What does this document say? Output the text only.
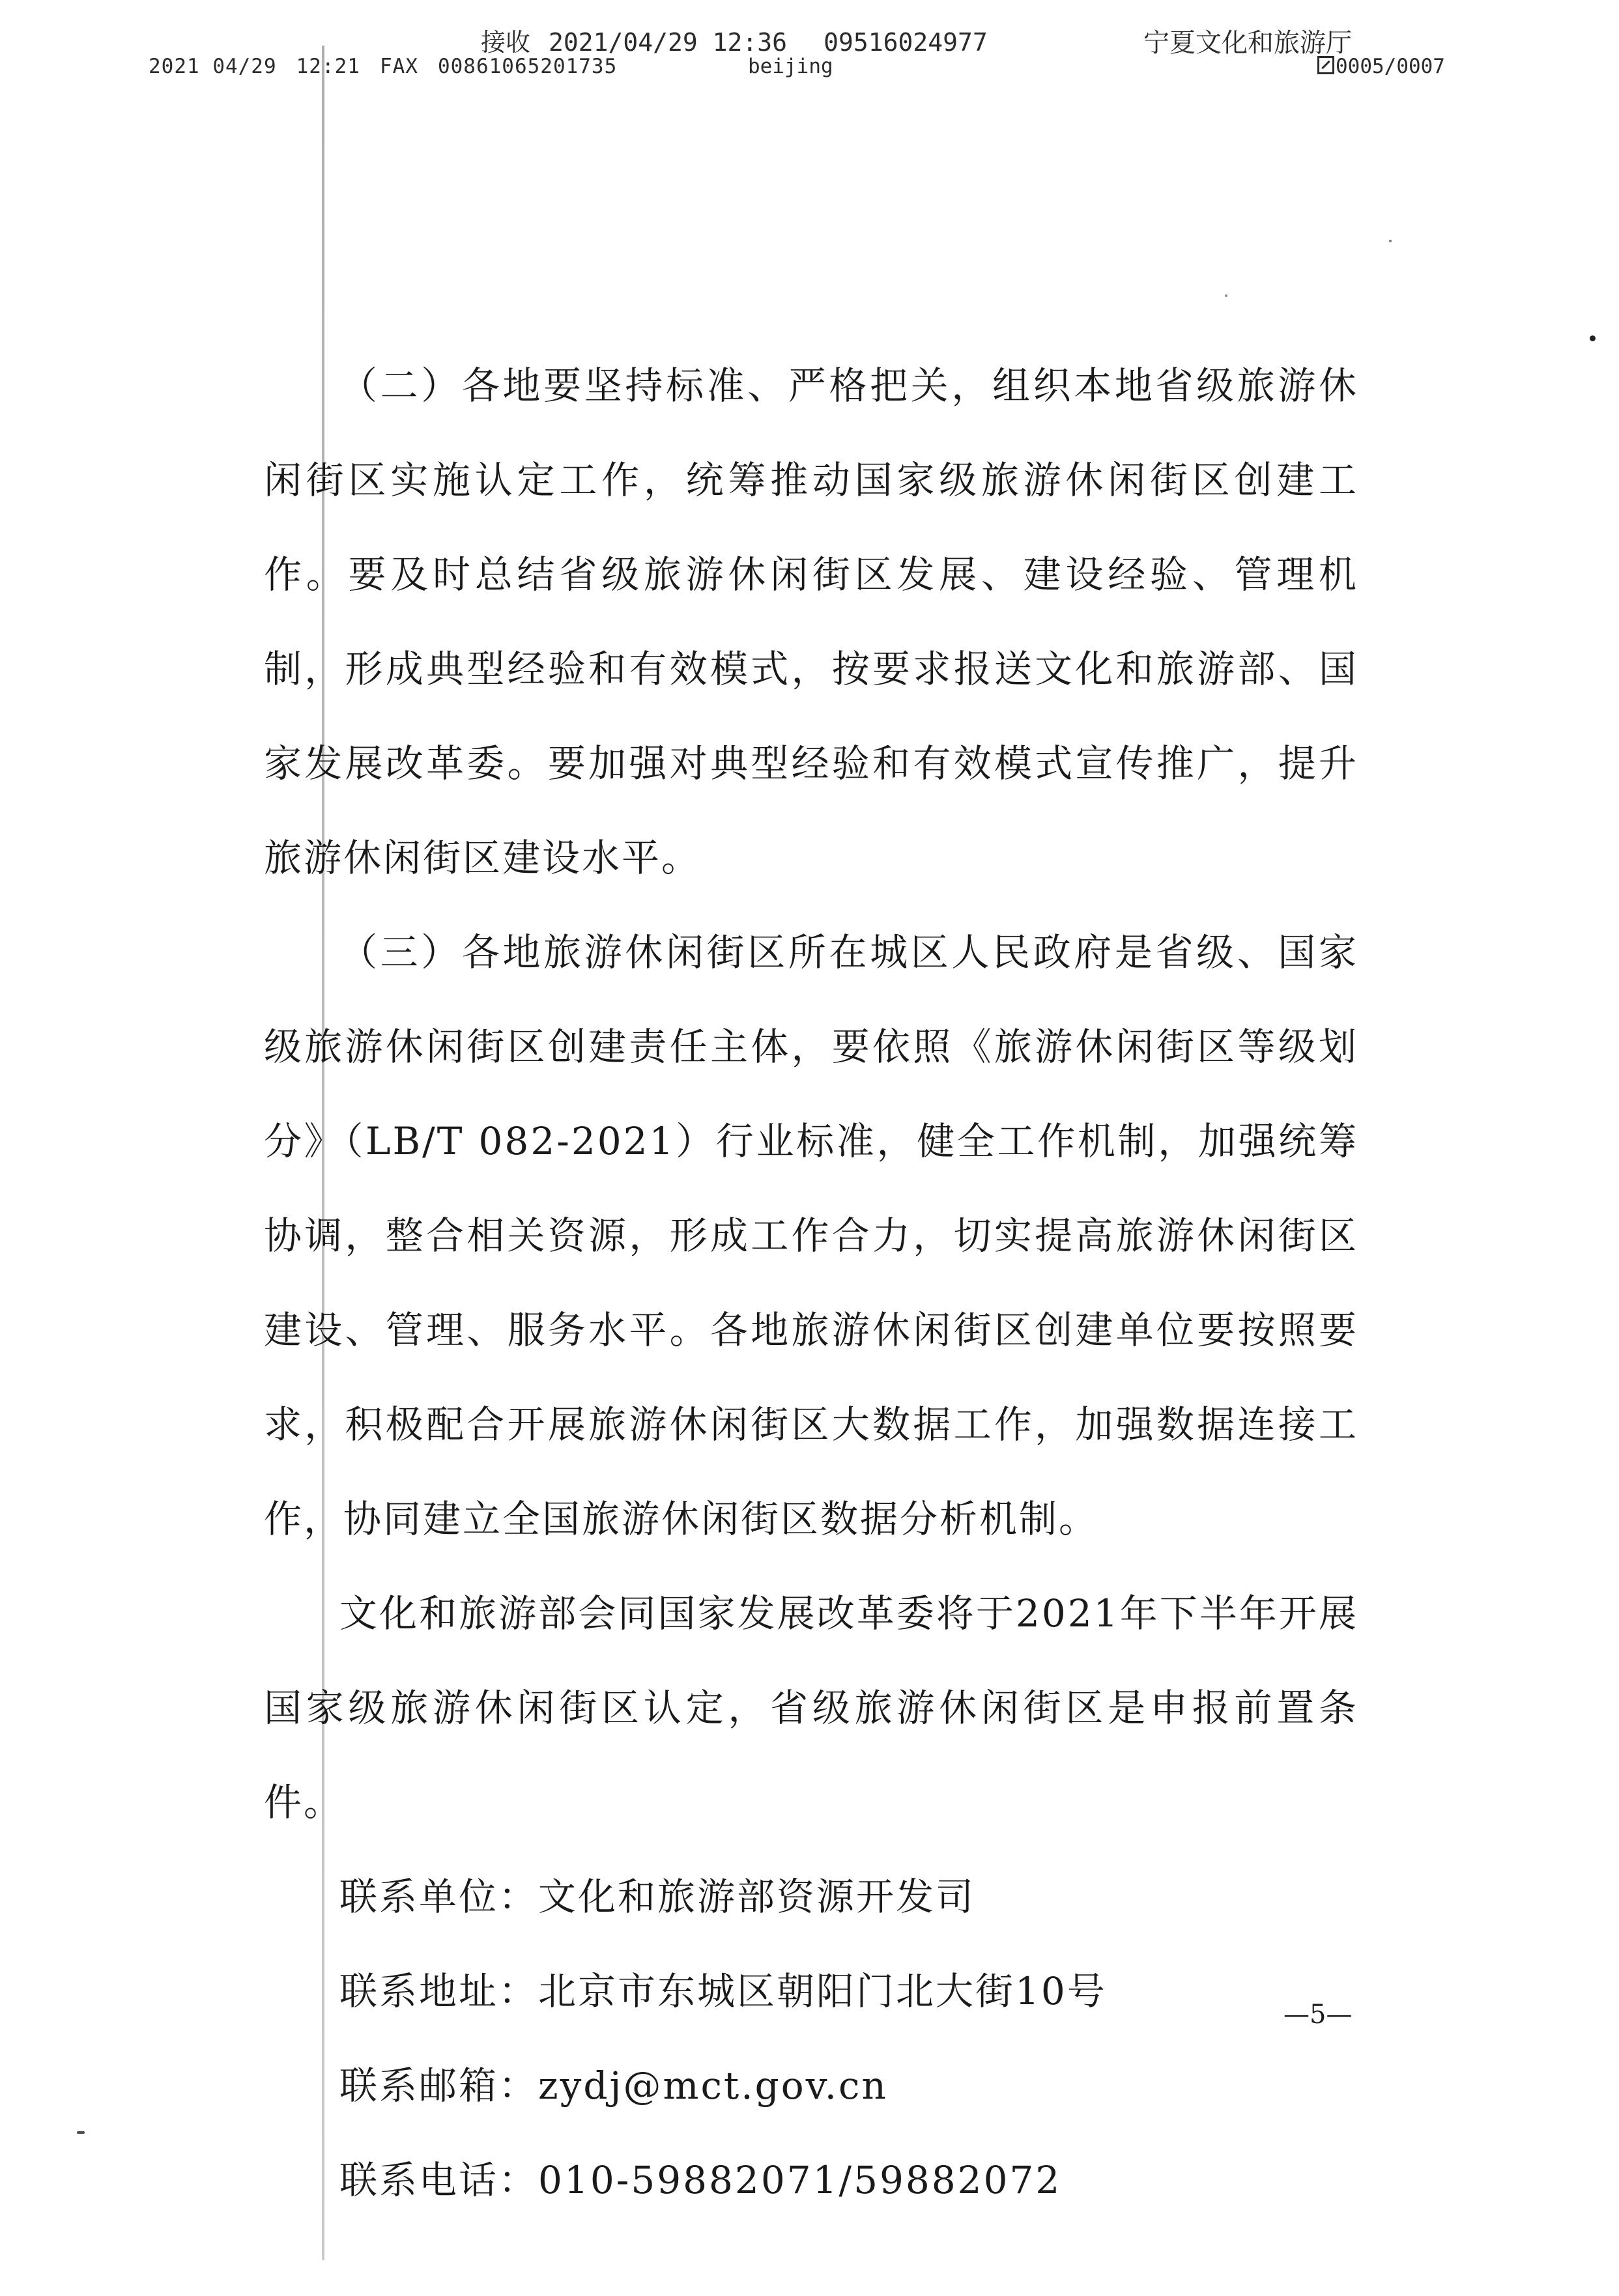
接收 2021/04/29 12:36 09516024977	宁夏文化和旅游厅
2021 04/29 12:21 FAX 00861065201735	beijing	0005/0007

（二）各地要坚持标准、严格把关，组织本地省级旅游休闲街区实施认定工作，统筹推动国家级旅游休闲街区创建工作。要及时总结省级旅游休闲街区发展、建设经验、管理机制，形成典型经验和有效模式，按要求报送文化和旅游部、国家发展改革委。要加强对典型经验和有效模式宣传推广，提升旅游休闲街区建设水平。

（三）各地旅游休闲街区所在城区人民政府是省级、国家级旅游休闲街区创建责任主体，要依照《旅游休闲街区等级划分》（LB/T 082-2021）行业标准，健全工作机制，加强统筹协调，整合相关资源，形成工作合力，切实提高旅游休闲街区建设、管理、服务水平。各地旅游休闲街区创建单位要按照要求，积极配合开展旅游休闲街区大数据工作，加强数据连接工作，协同建立全国旅游休闲街区数据分析机制。

文化和旅游部会同国家发展改革委将于2021年下半年开展国家级旅游休闲街区认定，省级旅游休闲街区是申报前置条件。

联系单位：文化和旅游部资源开发司

联系地址：北京市东城区朝阳门北大街10号

联系邮箱：zydj@mct.gov.cn

联系电话：010-59882071/59882072

—5—
